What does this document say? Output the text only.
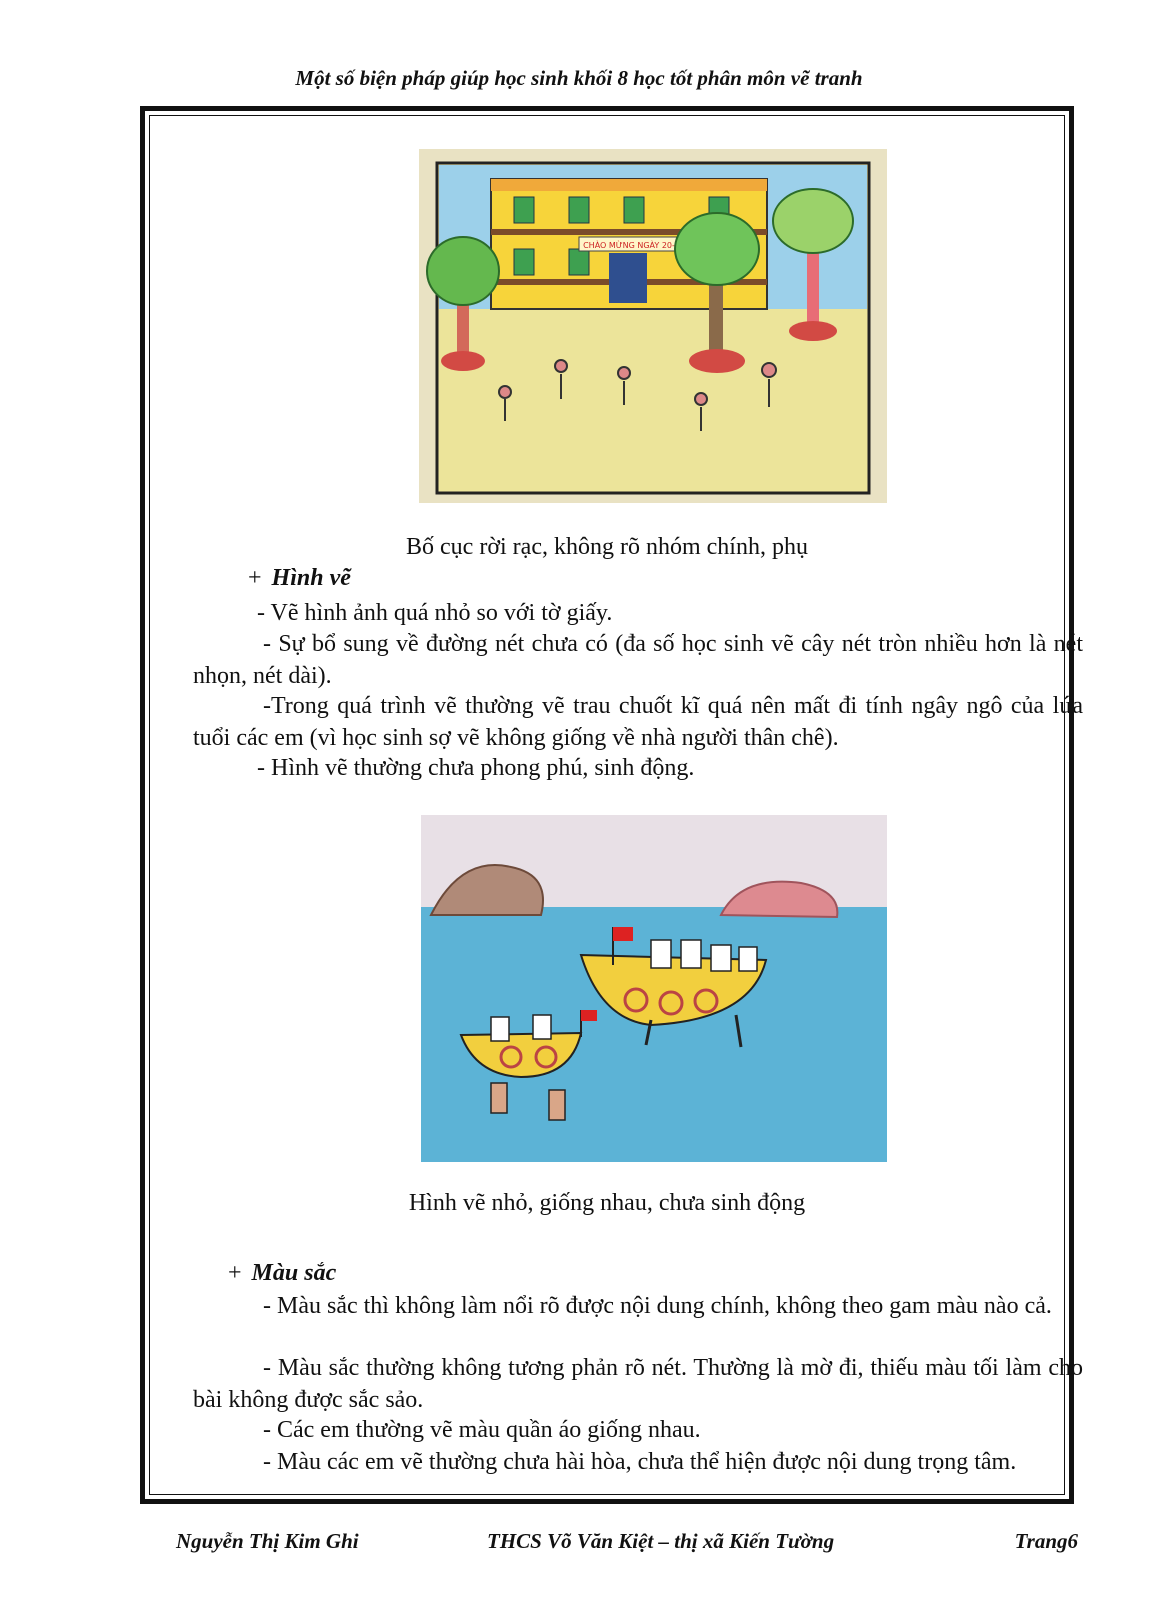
Một số biện pháp giúp học sinh khối 8 học tốt phân môn vẽ tranh
CHÀO MỪNG NGÀY 20-
Bố cục rời rạc, không rõ nhóm chính, phụ
+ Hình vẽ
- Vẽ hình ảnh quá nhỏ so với tờ giấy.
- Sự bổ sung về đường nét chưa có (đa số học sinh vẽ cây nét tròn nhiều hơn là nét nhọn, nét dài).
-Trong quá trình vẽ thường vẽ trau chuốt kĩ quá nên mất đi tính ngây ngô của lứa tuổi các em (vì học sinh sợ vẽ không giống về nhà người thân chê).
- Hình vẽ thường chưa phong phú, sinh động.
Hình vẽ nhỏ, giống nhau, chưa sinh động
+ Màu sắc
- Màu sắc thì không làm nổi rõ được nội dung chính, không theo gam màu nào cả.
- Màu sắc thường không tương phản rõ nét. Thường là mờ đi, thiếu màu tối làm cho bài không được sắc sảo.
- Các em thường vẽ màu quần áo giống nhau.
- Màu các em vẽ thường chưa hài hòa, chưa thể hiện được nội dung trọng tâm.
Nguyễn Thị Kim Ghi	THCS Võ Văn Kiệt – thị xã Kiến Tường	Trang6
